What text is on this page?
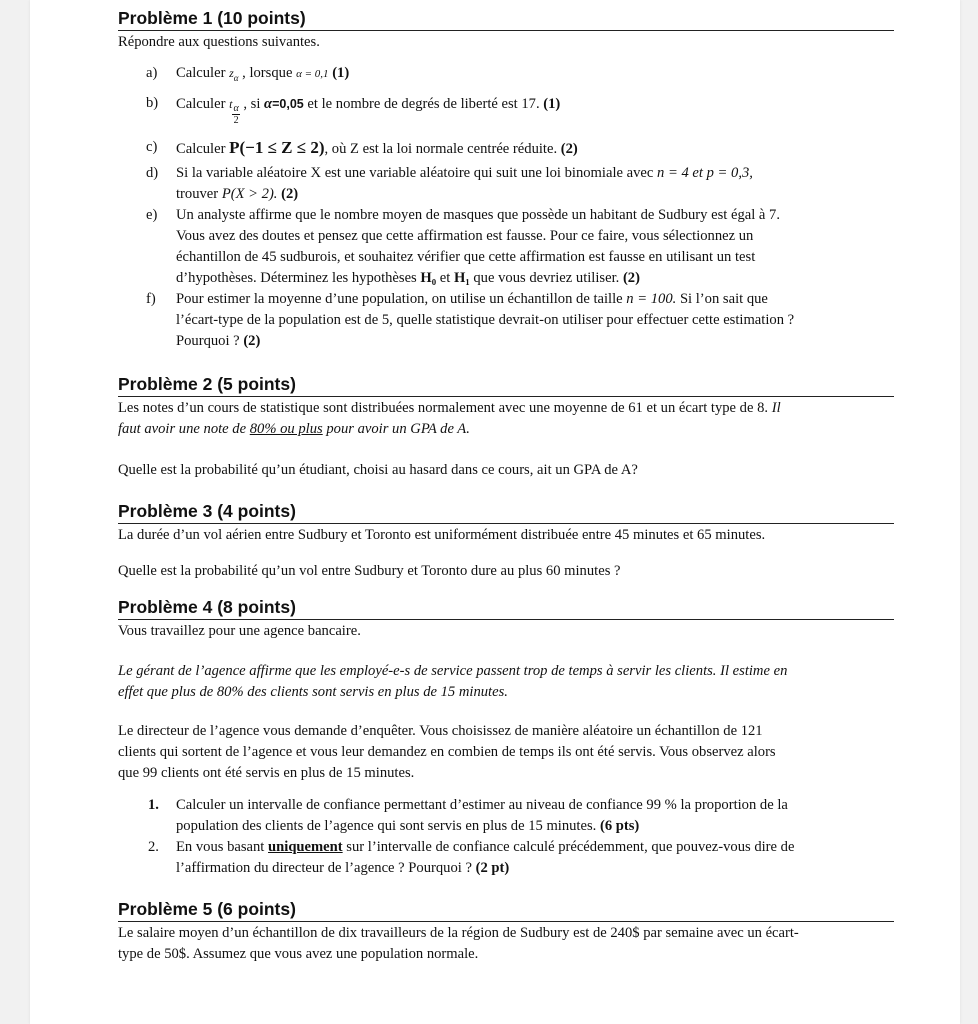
Problème 1 (10 points)

Répondre aux questions suivantes.

a) Calculer $z_\alpha$ , lorsque α = 0,1 (1)
b) Calculer t $\frac{\alpha}{2}$ , si α=0,05 et le nombre de degrés de liberté est 17. (1)
c) Calculer P(−1 ≤ Z ≤ 2), où Z est la loi normale centrée réduite. (2)
d) Si la variable aléatoire X est une variable aléatoire qui suit une loi binomiale avec n = 4 et p = 0,3,
trouver P(X > 2). (2)
e) Un analyste affirme que le nombre moyen de masques que possède un habitant de Sudbury est égal à 7.
Vous avez des doutes et pensez que cette affirmation est fausse. Pour ce faire, vous sélectionnez un
échantillon de 45 sudburois, et souhaitez vérifier que cette affirmation est fausse en utilisant un test
d’hypothèses. Déterminez les hypothèses H₀ et H₁ que vous devriez utiliser. (2)
f) Pour estimer la moyenne d’une population, on utilise un échantillon de taille n = 100. Si l’on sait que
l’écart-type de la population est de 5, quelle statistique devrait-on utiliser pour effectuer cette estimation ?
Pourquoi ? (2)
Problème 2 (5 points)

Les notes d’un cours de statistique sont distribuées normalement avec une moyenne de 61 et un écart type de 8. Il
faut avoir une note de 80% ou plus pour avoir un GPA de A.

Quelle est la probabilité qu’un étudiant, choisi au hasard dans ce cours, ait un GPA de A?

Problème 3 (4 points)

La durée d’un vol aérien entre Sudbury et Toronto est uniformément distribuée entre 45 minutes et 65 minutes.

Quelle est la probabilité qu’un vol entre Sudbury et Toronto dure au plus 60 minutes ?

Problème 4 (8 points)

Vous travaillez pour une agence bancaire.

Le gérant de l’agence affirme que les employé-e-s de service passent trop de temps à servir les clients. Il estime en
effet que plus de 80% des clients sont servis en plus de 15 minutes.

Le directeur de l’agence vous demande d’enquêter. Vous choisissez de manière aléatoire un échantillon de 121
clients qui sortent de l’agence et vous leur demandez en combien de temps ils ont été servis. Vous observez alors
que 99 clients ont été servis en plus de 15 minutes.

1. Calculer un intervalle de confiance permettant d’estimer au niveau de confiance 99 % la proportion de la
population des clients de l’agence qui sont servis en plus de 15 minutes. (6 pts)
2. En vous basant uniquement sur l’intervalle de confiance calculé précédemment, que pouvez-vous dire de
l’affirmation du directeur de l’agence ? Pourquoi ? (2 pt)
Problème 5 (6 points)

Le salaire moyen d’un échantillon de dix travailleurs de la région de Sudbury est de 240$ par semaine avec un écart-
type de 50$. Assumez que vous avez une population normale.
